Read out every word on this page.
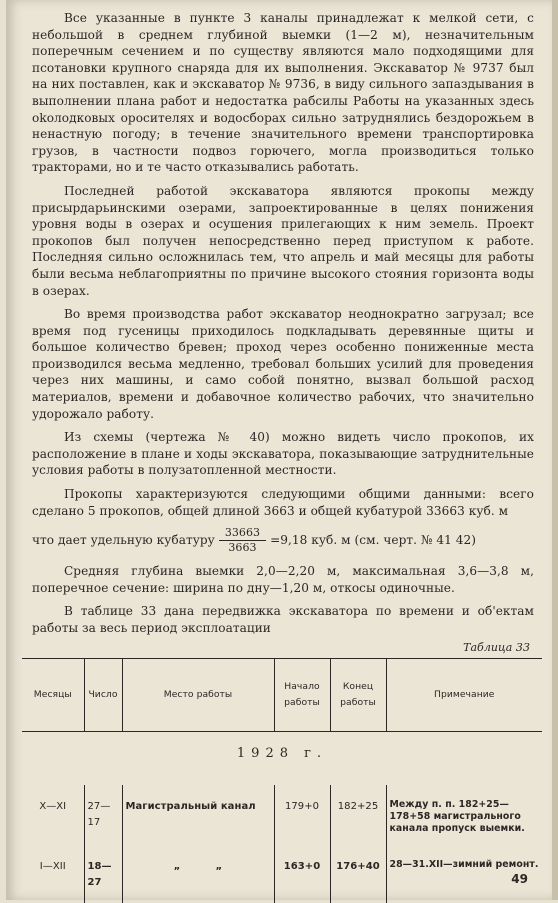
Все указанные в пункте 3 каналы принадлежат к мелкой сети, с небольшой в среднем глубиной выемки (1—2 м), незначительным поперечным сечением и по существу являются мало подходящими для псотановки крупного снаряда для их выполнения. Экскаватор № 9737 был на них поставлен, как и экскаватор № 9736, в виду сильного запаздывания в выполнении плана работ и недостатка рабсилы Работы на указанных здесь оkoлодковых оросителях и водосборах сильно затруднялись бездорожьем в ненастную погоду; в течение значительного времени транспортировка грузов, в частности подвоз горючего, могла производиться только тракторами, но и те часто отказывались работать.

Последней работой экскаватора являются прокопы между присырдарьинскими озерами, запроектированные в целях понижения уровня воды в озерах и осушения прилегающих к ним земель. Проект прокопов был получен непосредственно перед приступом к работе. Последняя сильно осложнилась тем, что апрель и май месяцы для работы были весьма неблагоприятны по причине высокого стояния горизонта воды в озерах.

Во время производства работ экскаватор неоднократно загрузал; все время под гусеницы приходилось подкладывать деревянные щиты и большое количество бревен; проход через особенно пониженные места производился весьма медленно, требовал больших усилий для проведения через них машины, и само собой понятно, вызвал большой расход материалов, времени и добавочное количество рабочих, что значительно удорожало работу.

Из схемы (чертежа № 40) можно видеть число прокопов, их расположение в плане и ходы экскаватора, показывающие затруднительные условия работы в полузатопленной местности.

Прокопы характеризуются следующими общими данными: всего сделано 5 прокопов, общей длиной 3663 и общей кубатурой 33663 куб. м

что дает удельную кубатуру $\frac{33663}{3663} =9,18$ куб. м (см. черт. № 41 42)

Средняя глубина выемки 2,0—2,20 м, максимальная 3,6—3,8 м, поперечное сечение: ширина по дну—1,20 м, откосы одиночные.

В таблице 33 дана передвижка экскаватора по времени и об'ектам работы за весь период эксплоатации

Таблица 33
Месяцы	Число	Место работы	Начало работы	Конец работы	Примечание
1928 г.					
X—XI	27—17	Магистральный канал	179+0	182+25	Между п. п. 182+25—178+58 магистрального канала пропуск выемки.
I—XII	18—27	„          „	163+0	176+40	28—31.XII—зимний ремонт.
49
